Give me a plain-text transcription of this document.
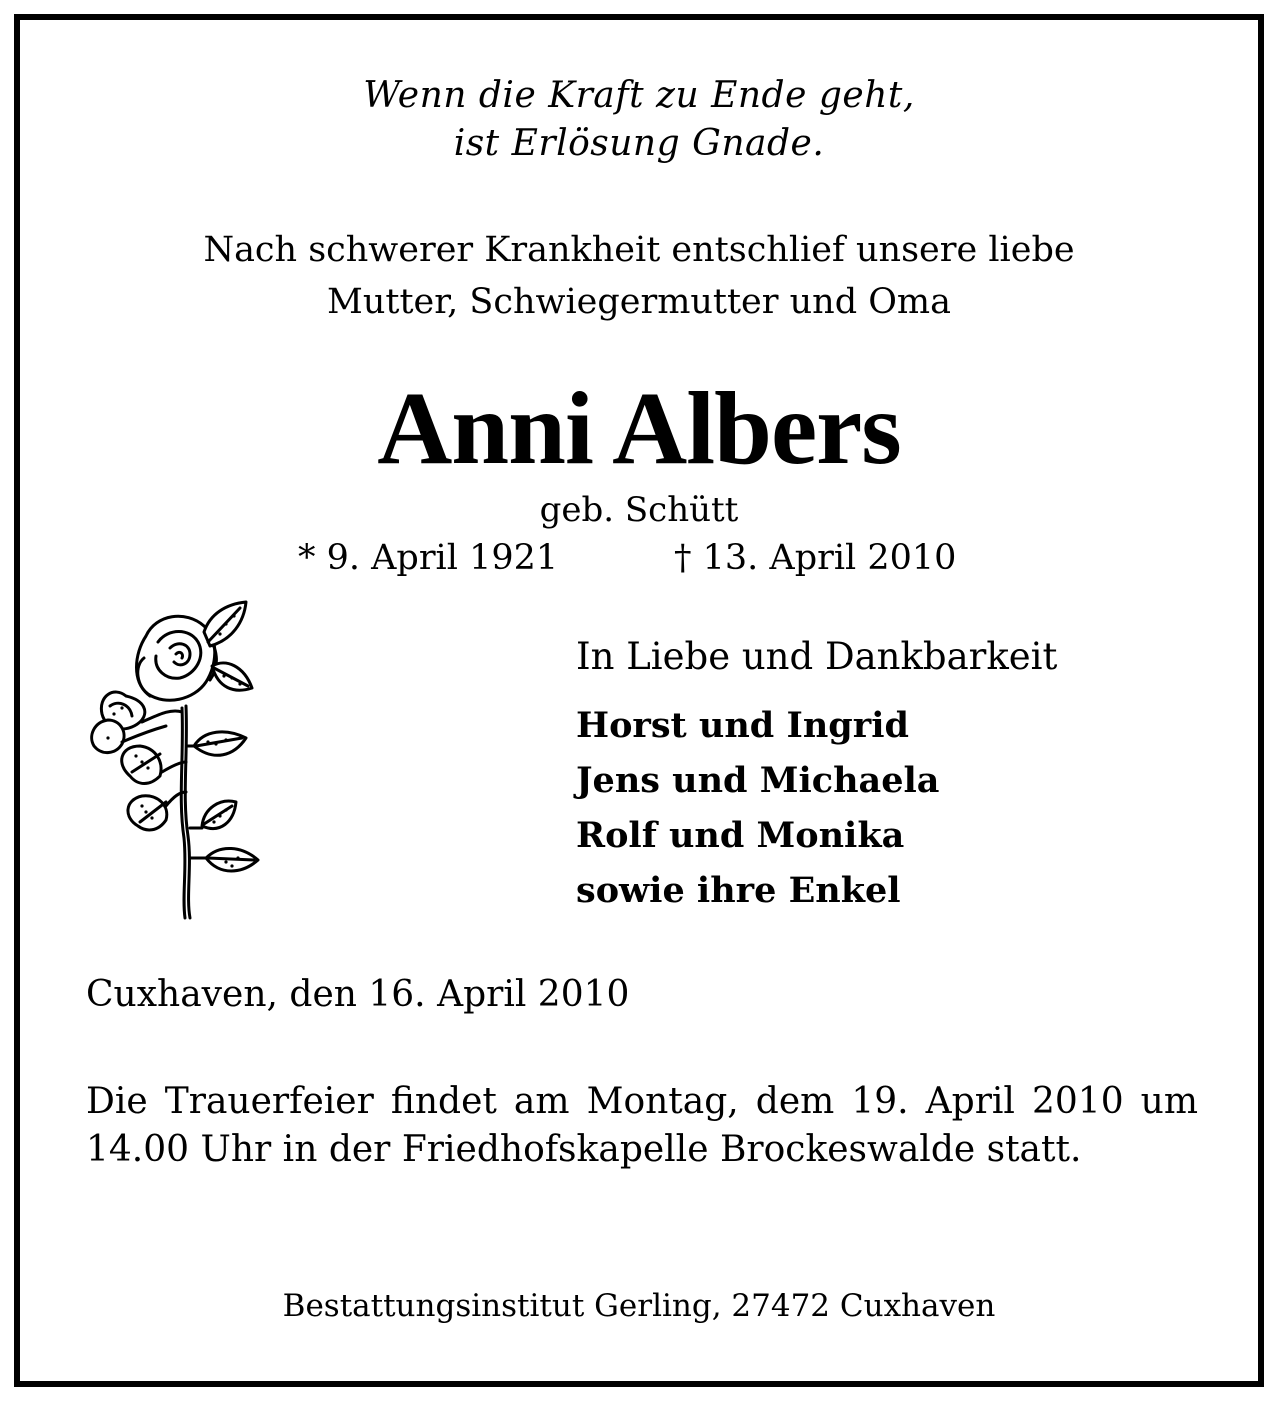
Wenn die Kraft zu Ende geht,
ist Erlösung Gnade.
Nach schwerer Krankheit entschlief unsere liebe
Mutter, Schwiegermutter und Oma
Anni Albers
geb. Schütt
* 9. April 1921	† 13. April 2010
In Liebe und Dankbarkeit
Horst und Ingrid
Jens und Michaela
Rolf und Monika
sowie ihre Enkel
Cuxhaven, den 16. April 2010
Die Trauerfeier findet am Montag, dem 19. April 2010 um 14.00 Uhr in der Friedhofskapelle Brockeswalde statt.
Bestattungsinstitut Gerling, 27472 Cuxhaven
